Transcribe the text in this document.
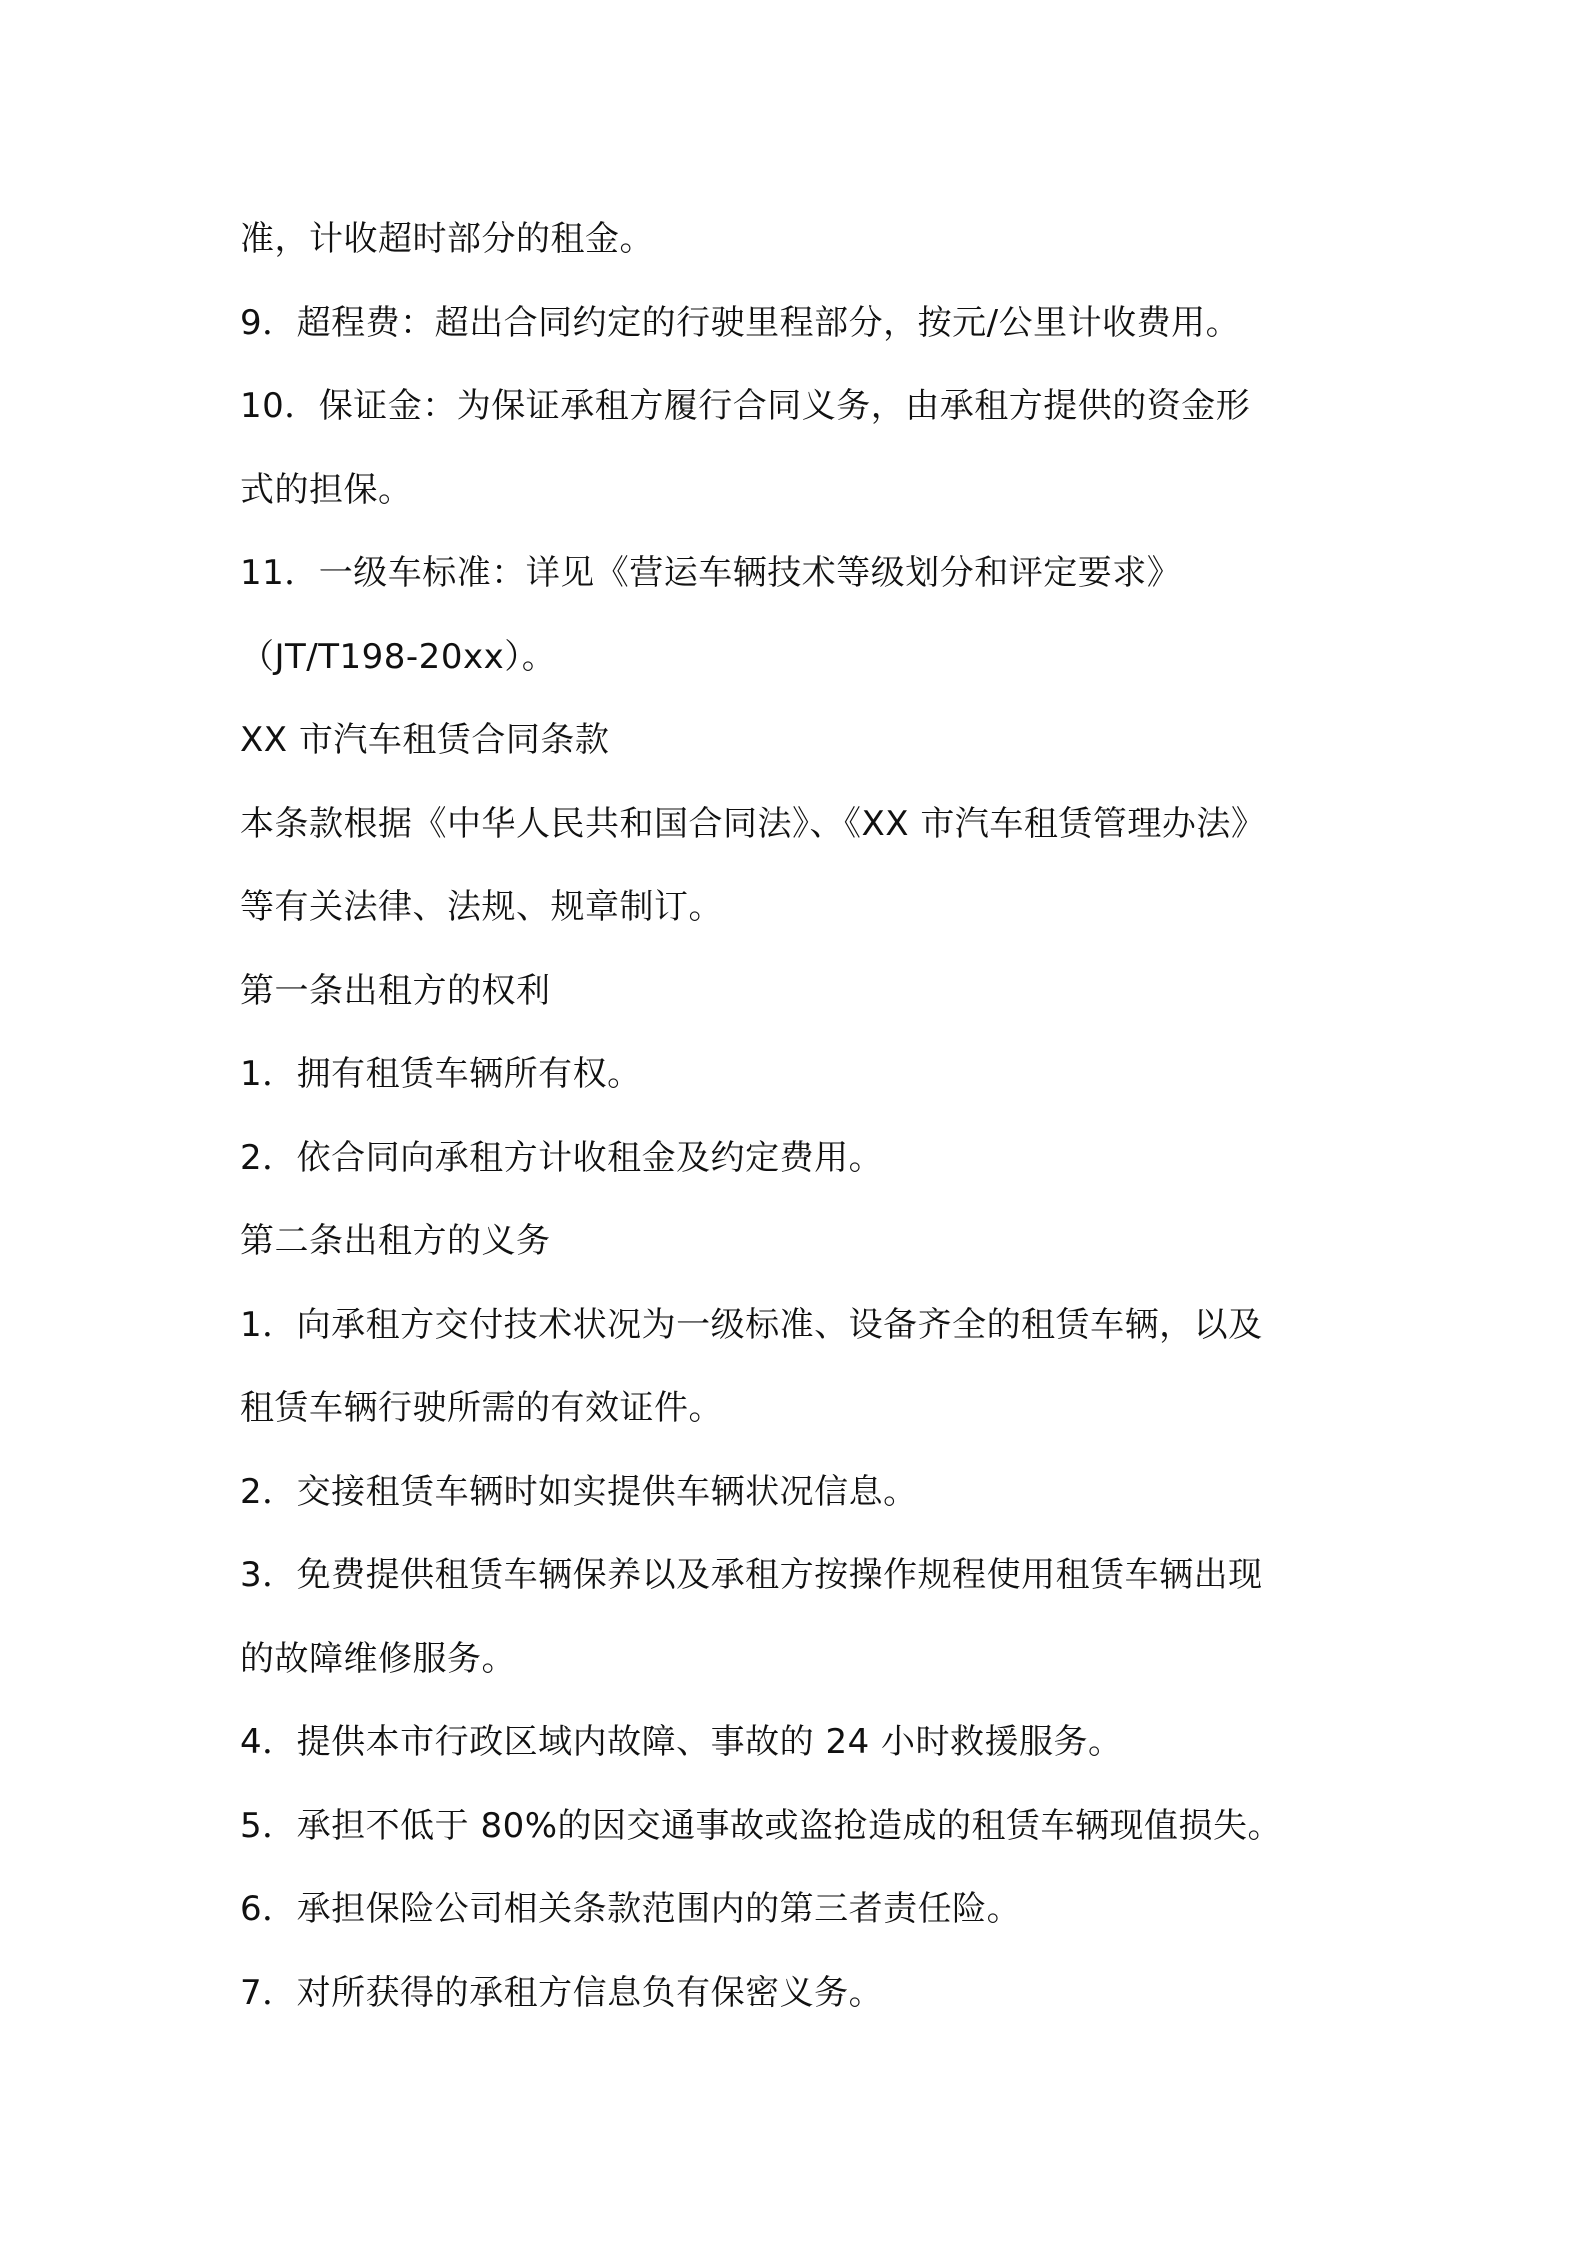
准，计收超时部分的租金。

9．超程费：超出合同约定的行驶里程部分，按元/公里计收费用。

10．保证金：为保证承租方履行合同义务，由承租方提供的资金形

式的担保。

11．一级车标准：详见《营运车辆技术等级划分和评定要求》

（JT/T198-20xx）。

XX 市汽车租赁合同条款

本条款根据《中华人民共和国合同法》、《XX 市汽车租赁管理办法》

等有关法律、法规、规章制订。

第一条出租方的权利

1．拥有租赁车辆所有权。

2．依合同向承租方计收租金及约定费用。

第二条出租方的义务

1．向承租方交付技术状况为一级标准、设备齐全的租赁车辆，以及

租赁车辆行驶所需的有效证件。

2．交接租赁车辆时如实提供车辆状况信息。

3．免费提供租赁车辆保养以及承租方按操作规程使用租赁车辆出现

的故障维修服务。

4．提供本市行政区域内故障、事故的 24 小时救援服务。

5．承担不低于 80%的因交通事故或盗抢造成的租赁车辆现值损失。

6．承担保险公司相关条款范围内的第三者责任险。

7．对所获得的承租方信息负有保密义务。
